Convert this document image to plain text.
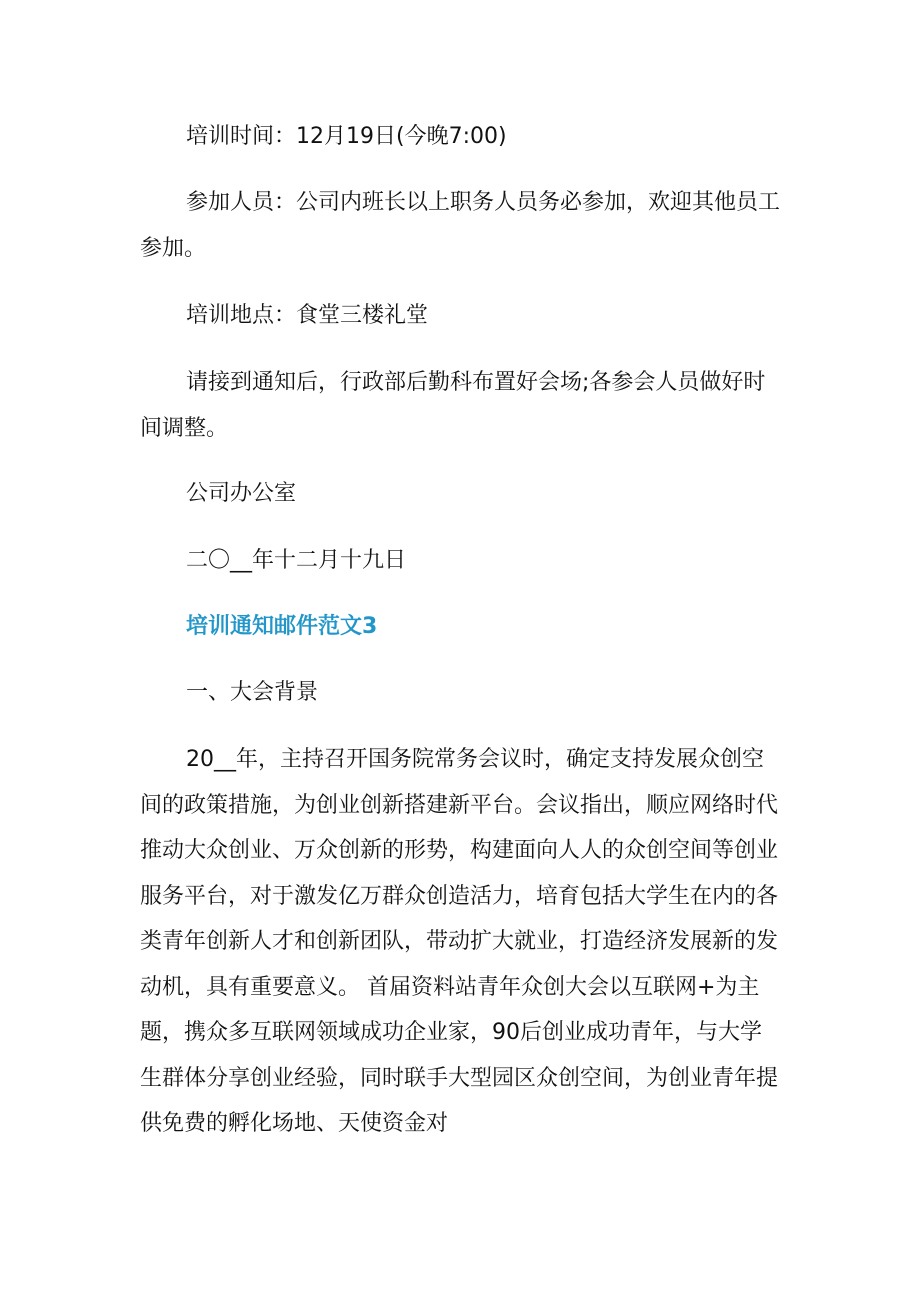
培训时间：12月19日(今晚7:00)

参加人员：公司内班长以上职务人员务必参加，欢迎其他员工参加。

培训地点：食堂三楼礼堂

请接到通知后，行政部后勤科布置好会场;各参会人员做好时间调整。

公司办公室

二〇__年十二月十九日

培训通知邮件范文3

一、大会背景

20__年，主持召开国务院常务会议时，确定支持发展众创空间的政策措施，为创业创新搭建新平台。会议指出，顺应网络时代推动大众创业、万众创新的形势，构建面向人人的众创空间等创业服务平台，对于激发亿万群众创造活力，培育包括大学生在内的各类青年创新人才和创新团队，带动扩大就业，打造经济发展新的发动机，具有重要意义。 首届资料站青年众创大会以互联网+为主题，携众多互联网领域成功企业家，90后创业成功青年，与大学生群体分享创业经验，同时联手大型园区众创空间，为创业青年提供免费的孵化场地、天使资金对
